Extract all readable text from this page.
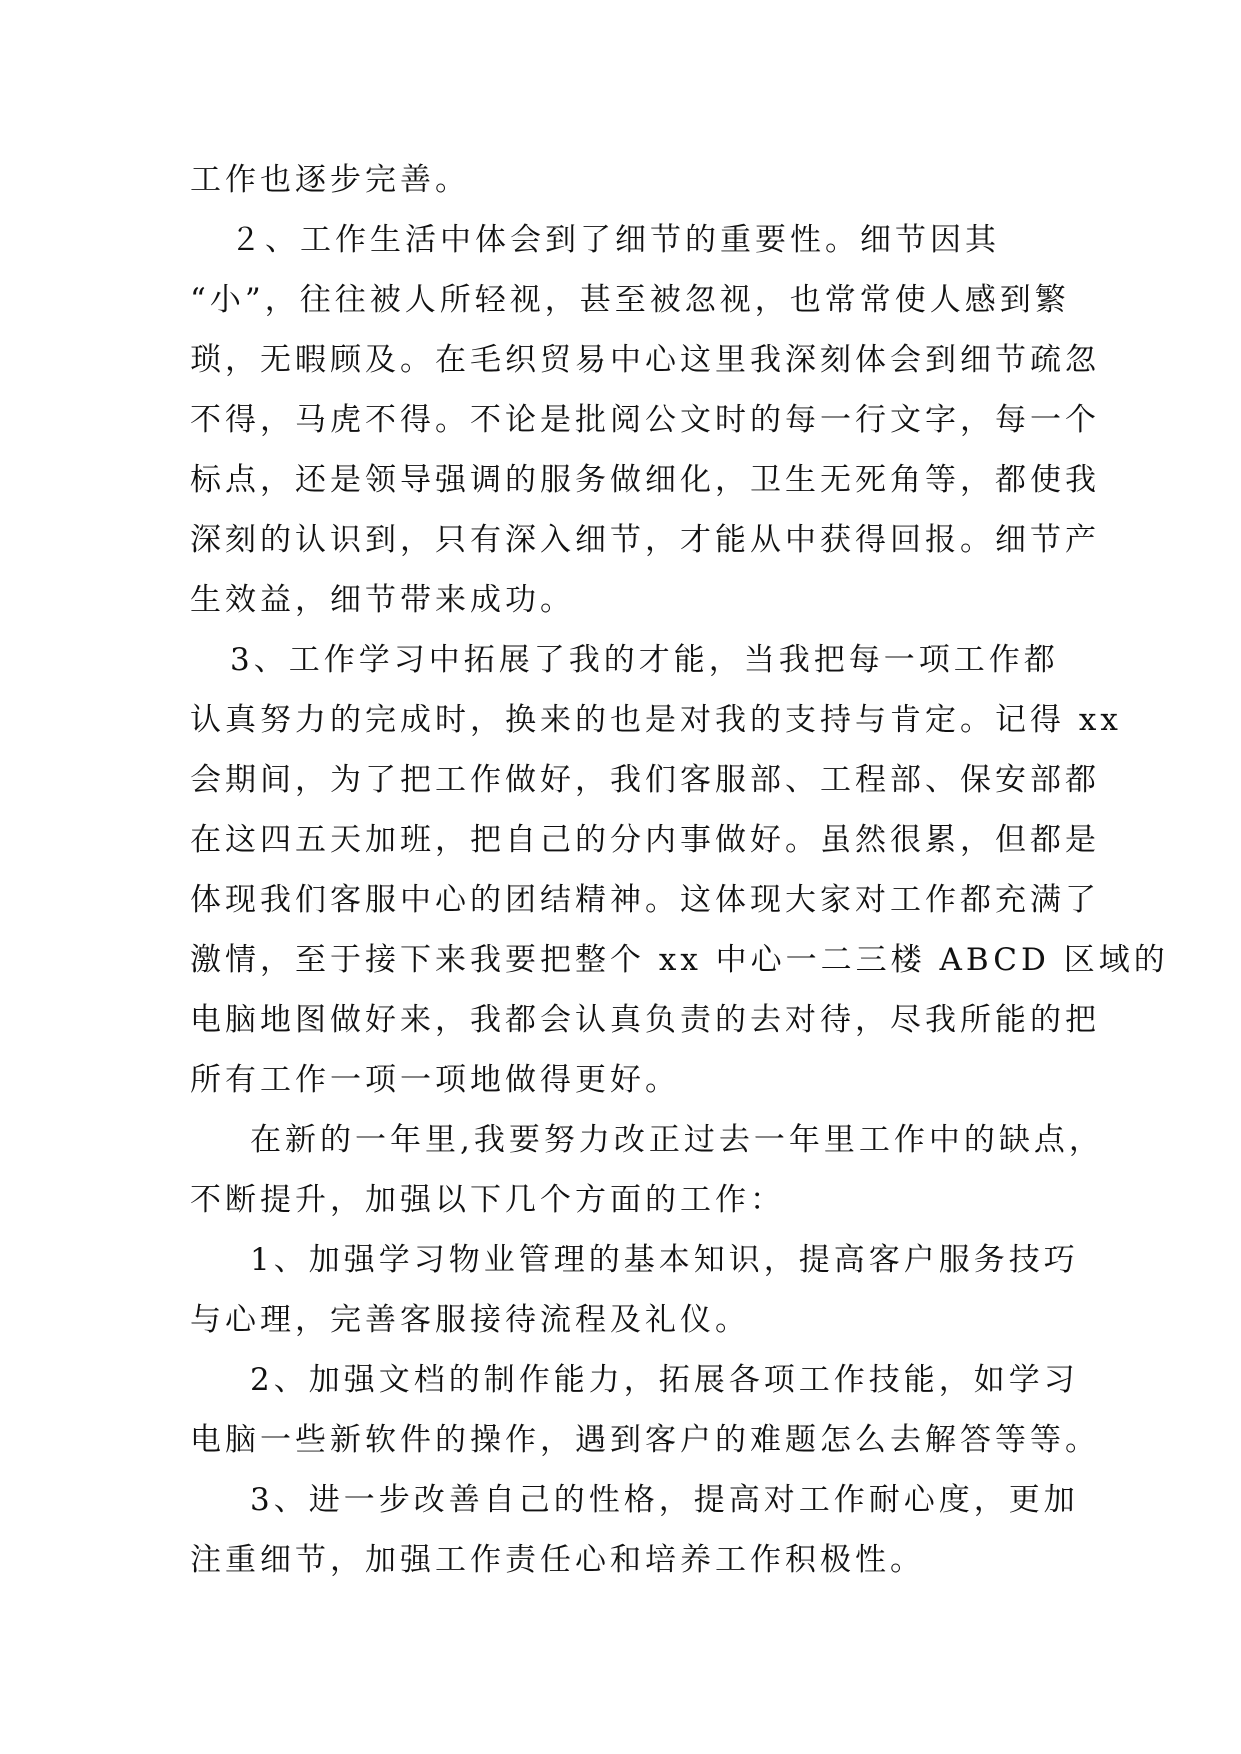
工作也逐步完善。
２、工作生活中体会到了细节的重要性。细节因其
“小”，往往被人所轻视，甚至被忽视，也常常使人感到繁
琐，无暇顾及。在毛织贸易中心这里我深刻体会到细节疏忽
不得，马虎不得。不论是批阅公文时的每一行文字，每一个
标点，还是领导强调的服务做细化，卫生无死角等，都使我
深刻的认识到，只有深入细节，才能从中获得回报。细节产
生效益，细节带来成功。
3、工作学习中拓展了我的才能，当我把每一项工作都
认真努力的完成时，换来的也是对我的支持与肯定。记得 xx
会期间，为了把工作做好，我们客服部、工程部、保安部都
在这四五天加班，把自己的分内事做好。虽然很累，但都是
体现我们客服中心的团结精神。这体现大家对工作都充满了
激情，至于接下来我要把整个 xx 中心一二三楼 ABCD 区域的
电脑地图做好来，我都会认真负责的去对待，尽我所能的把
所有工作一项一项地做得更好。
在新的一年里,我要努力改正过去一年里工作中的缺点，
不断提升，加强以下几个方面的工作：
1、加强学习物业管理的基本知识，提高客户服务技巧
与心理，完善客服接待流程及礼仪。
2、加强文档的制作能力，拓展各项工作技能，如学习
电脑一些新软件的操作，遇到客户的难题怎么去解答等等。
3、进一步改善自己的性格，提高对工作耐心度，更加
注重细节，加强工作责任心和培养工作积极性。
